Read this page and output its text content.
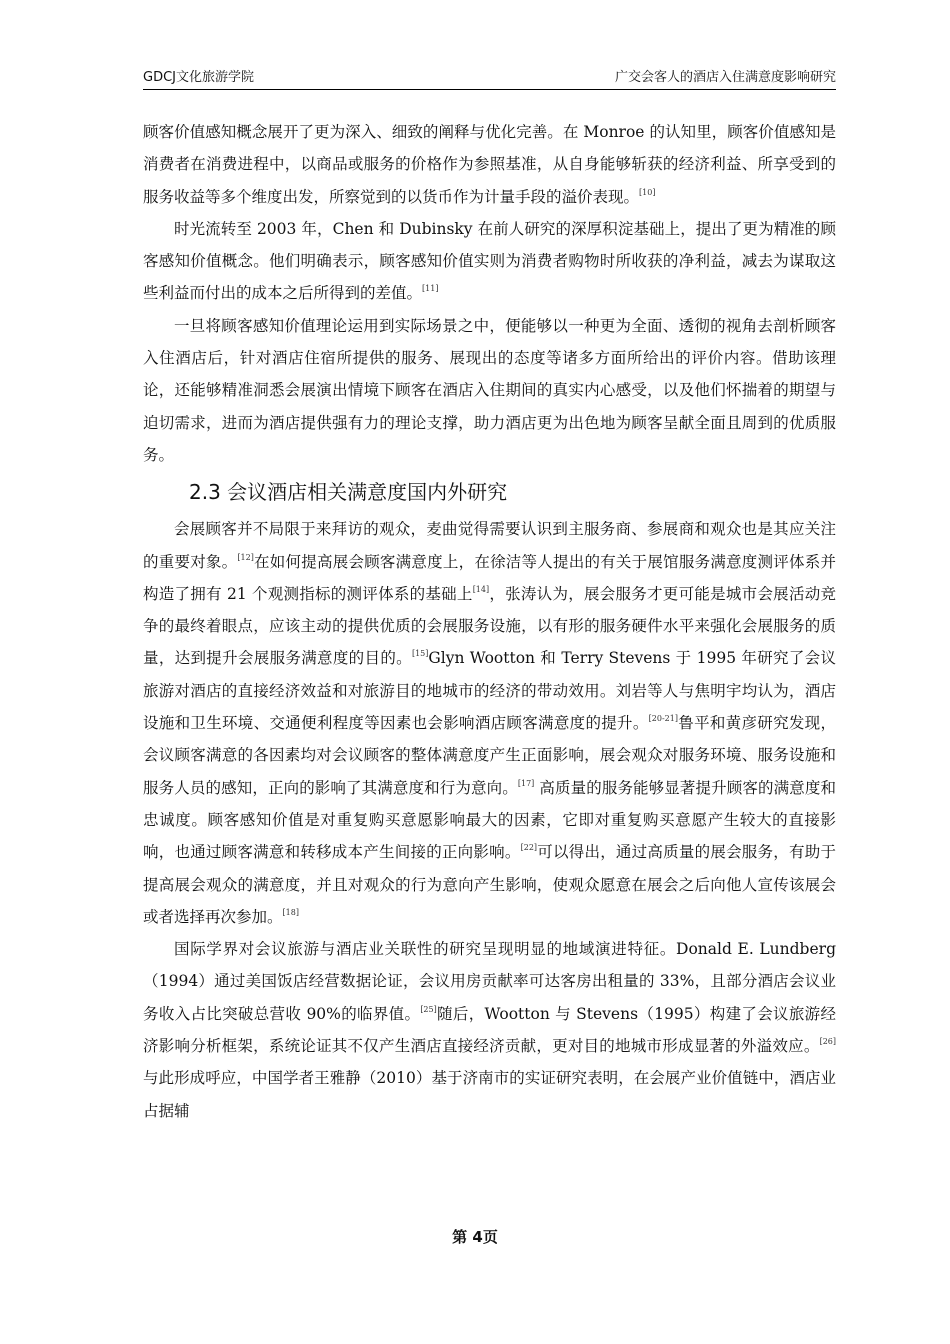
GDCJ文化旅游学院	广交会客人的酒店入住满意度影响研究

顾客价值感知概念展开了更为深入、细致的阐释与优化完善。在 Monroe 的认知里，顾客价值感知是消费者在消费进程中，以商品或服务的价格作为参照基准，从自身能够斩获的经济利益、所享受到的服务收益等多个维度出发，所察觉到的以货币作为计量手段的溢价表现。[10]

时光流转至 2003 年，Chen 和 Dubinsky 在前人研究的深厚积淀基础上，提出了更为精准的顾客感知价值概念。他们明确表示，顾客感知价值实则为消费者购物时所收获的净利益，减去为谋取这些利益而付出的成本之后所得到的差值。[11]

一旦将顾客感知价值理论运用到实际场景之中，便能够以一种更为全面、透彻的视角去剖析顾客入住酒店后，针对酒店住宿所提供的服务、展现出的态度等诸多方面所给出的评价内容。借助该理论，还能够精准洞悉会展演出情境下顾客在酒店入住期间的真实内心感受，以及他们怀揣着的期望与迫切需求，进而为酒店提供强有力的理论支撑，助力酒店更为出色地为顾客呈献全面且周到的优质服务。

2.3 会议酒店相关满意度国内外研究

会展顾客并不局限于来拜访的观众，麦曲觉得需要认识到主服务商、参展商和观众也是其应关注的重要对象。[12]在如何提高展会顾客满意度上，在徐洁等人提出的有关于展馆服务满意度测评体系并构造了拥有 21 个观测指标的测评体系的基础上[14]，张涛认为，展会服务才更可能是城市会展活动竞争的最终着眼点，应该主动的提供优质的会展服务设施，以有形的服务硬件水平来强化会展服务的质量，达到提升会展服务满意度的目的。[15]Glyn Wootton 和 Terry Stevens 于 1995 年研究了会议旅游对酒店的直接经济效益和对旅游目的地城市的经济的带动效用。刘岩等人与焦明宇均认为，酒店设施和卫生环境、交通便利程度等因素也会影响酒店顾客满意度的提升。[20-21]鲁平和黄彦研究发现，会议顾客满意的各因素均对会议顾客的整体满意度产生正面影响，展会观众对服务环境、服务设施和服务人员的感知，正向的影响了其满意度和行为意向。[17] 高质量的服务能够显著提升顾客的满意度和忠诚度。顾客感知价值是对重复购买意愿影响最大的因素，它即对重复购买意愿产生较大的直接影响，也通过顾客满意和转移成本产生间接的正向影响。[22]可以得出，通过高质量的展会服务，有助于提高展会观众的满意度，并且对观众的行为意向产生影响，使观众愿意在展会之后向他人宣传该展会或者选择再次参加。[18]

国际学界对会议旅游与酒店业关联性的研究呈现明显的地域演进特征。Donald E. Lundberg（1994）通过美国饭店经营数据论证，会议用房贡献率可达客房出租量的 33%，且部分酒店会议业务收入占比突破总营收 90%的临界值。[25]随后，Wootton 与 Stevens（1995）构建了会议旅游经济影响分析框架，系统论证其不仅产生酒店直接经济贡献，更对目的地城市形成显著的外溢效应。[26]与此形成呼应，中国学者王雅静（2010）基于济南市的实证研究表明，在会展产业价值链中，酒店业占据辅

第 4页
